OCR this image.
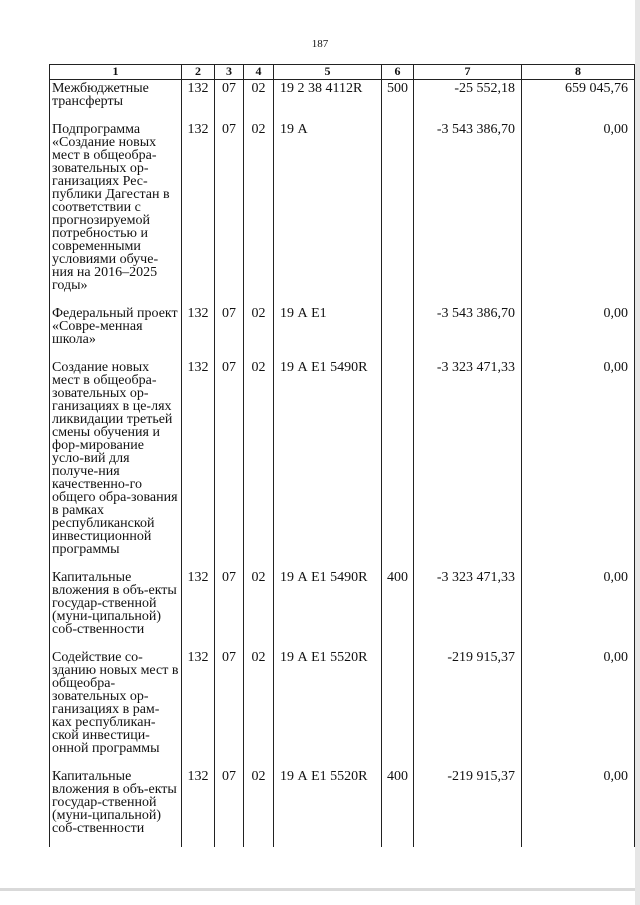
187
1	2	3	4	5	6	7	8
Межбюджетные трансферты	132	07	02	19 2 38 4112R	500	-25 552,18	659 045,76

Подпрограмма «Создание новых мест в общеобра-зовательных ор-ганизациях Рес-публики Дагестан в соответствии с прогнозируемой потребностью и современными условиями обуче-ния на 2016–2025 годы»	132	07	02	19 А		-3 543 386,70	0,00

Федеральный проект «Совре-менная школа»	132	07	02	19 А Е1		-3 543 386,70	0,00

Создание новых мест в общеобра-зовательных ор-ганизациях в це-лях ликвидации третьей смены обучения и фор-мирование усло-вий для получе-ния качественно-го общего обра-зования в рамках республиканской инвестиционной программы	132	07	02	19 А Е1 5490R		-3 323 471,33	0,00

Капитальные вложения в объ-екты государ-ственной (муни-ципальной) соб-ственности	132	07	02	19 А Е1 5490R	400	-3 323 471,33	0,00

Содействие со-зданию новых мест в общеобра-зовательных ор-ганизациях в рам-ках республикан-ской инвестици-онной программы	132	07	02	19 А Е1 5520R		-219 915,37	0,00

Капитальные вложения в объ-екты государ-ственной (муни-ципальной) соб-ственности	132	07	02	19 А Е1 5520R	400	-219 915,37	0,00
